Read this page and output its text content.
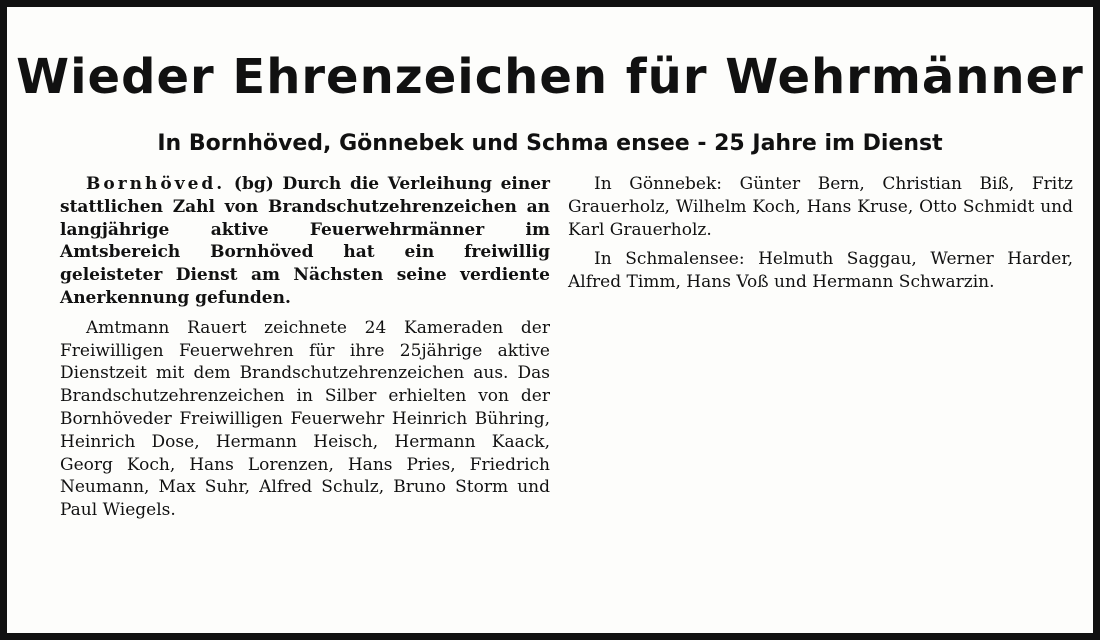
Wieder Ehrenzeichen für Wehrmänner
In Bornhöved, Gönnebek und Schma ensee - 25 Jahre im Dienst

Bornhöved. (bg) Durch die Verleihung einer stattlichen Zahl von Brandschutzehrenzeichen an langjährige aktive Feuerwehrmänner im Amtsbereich Bornhöved hat ein freiwillig geleisteter Dienst am Nächsten seine verdiente Anerkennung gefunden.

Amtmann Rauert zeichnete 24 Kameraden der Freiwilligen Feuerwehren für ihre 25jährige aktive Dienstzeit mit dem Brandschutzehrenzeichen aus. Das Brandschutzehrenzeichen in Silber erhielten von der Bornhöveder Freiwilligen Feuerwehr Heinrich Bühring, Heinrich Dose, Hermann Heisch, Hermann Kaack, Georg Koch, Hans Lorenzen, Hans Pries, Friedrich Neumann, Max Suhr, Alfred Schulz, Bruno Storm und Paul Wiegels.

In Gönnebek: Günter Bern, Christian Biß, Fritz Grauerholz, Wilhelm Koch, Hans Kruse, Otto Schmidt und Karl Grauerholz.

In Schmalensee: Helmuth Saggau, Werner Harder, Alfred Timm, Hans Voß und Hermann Schwarzin.
